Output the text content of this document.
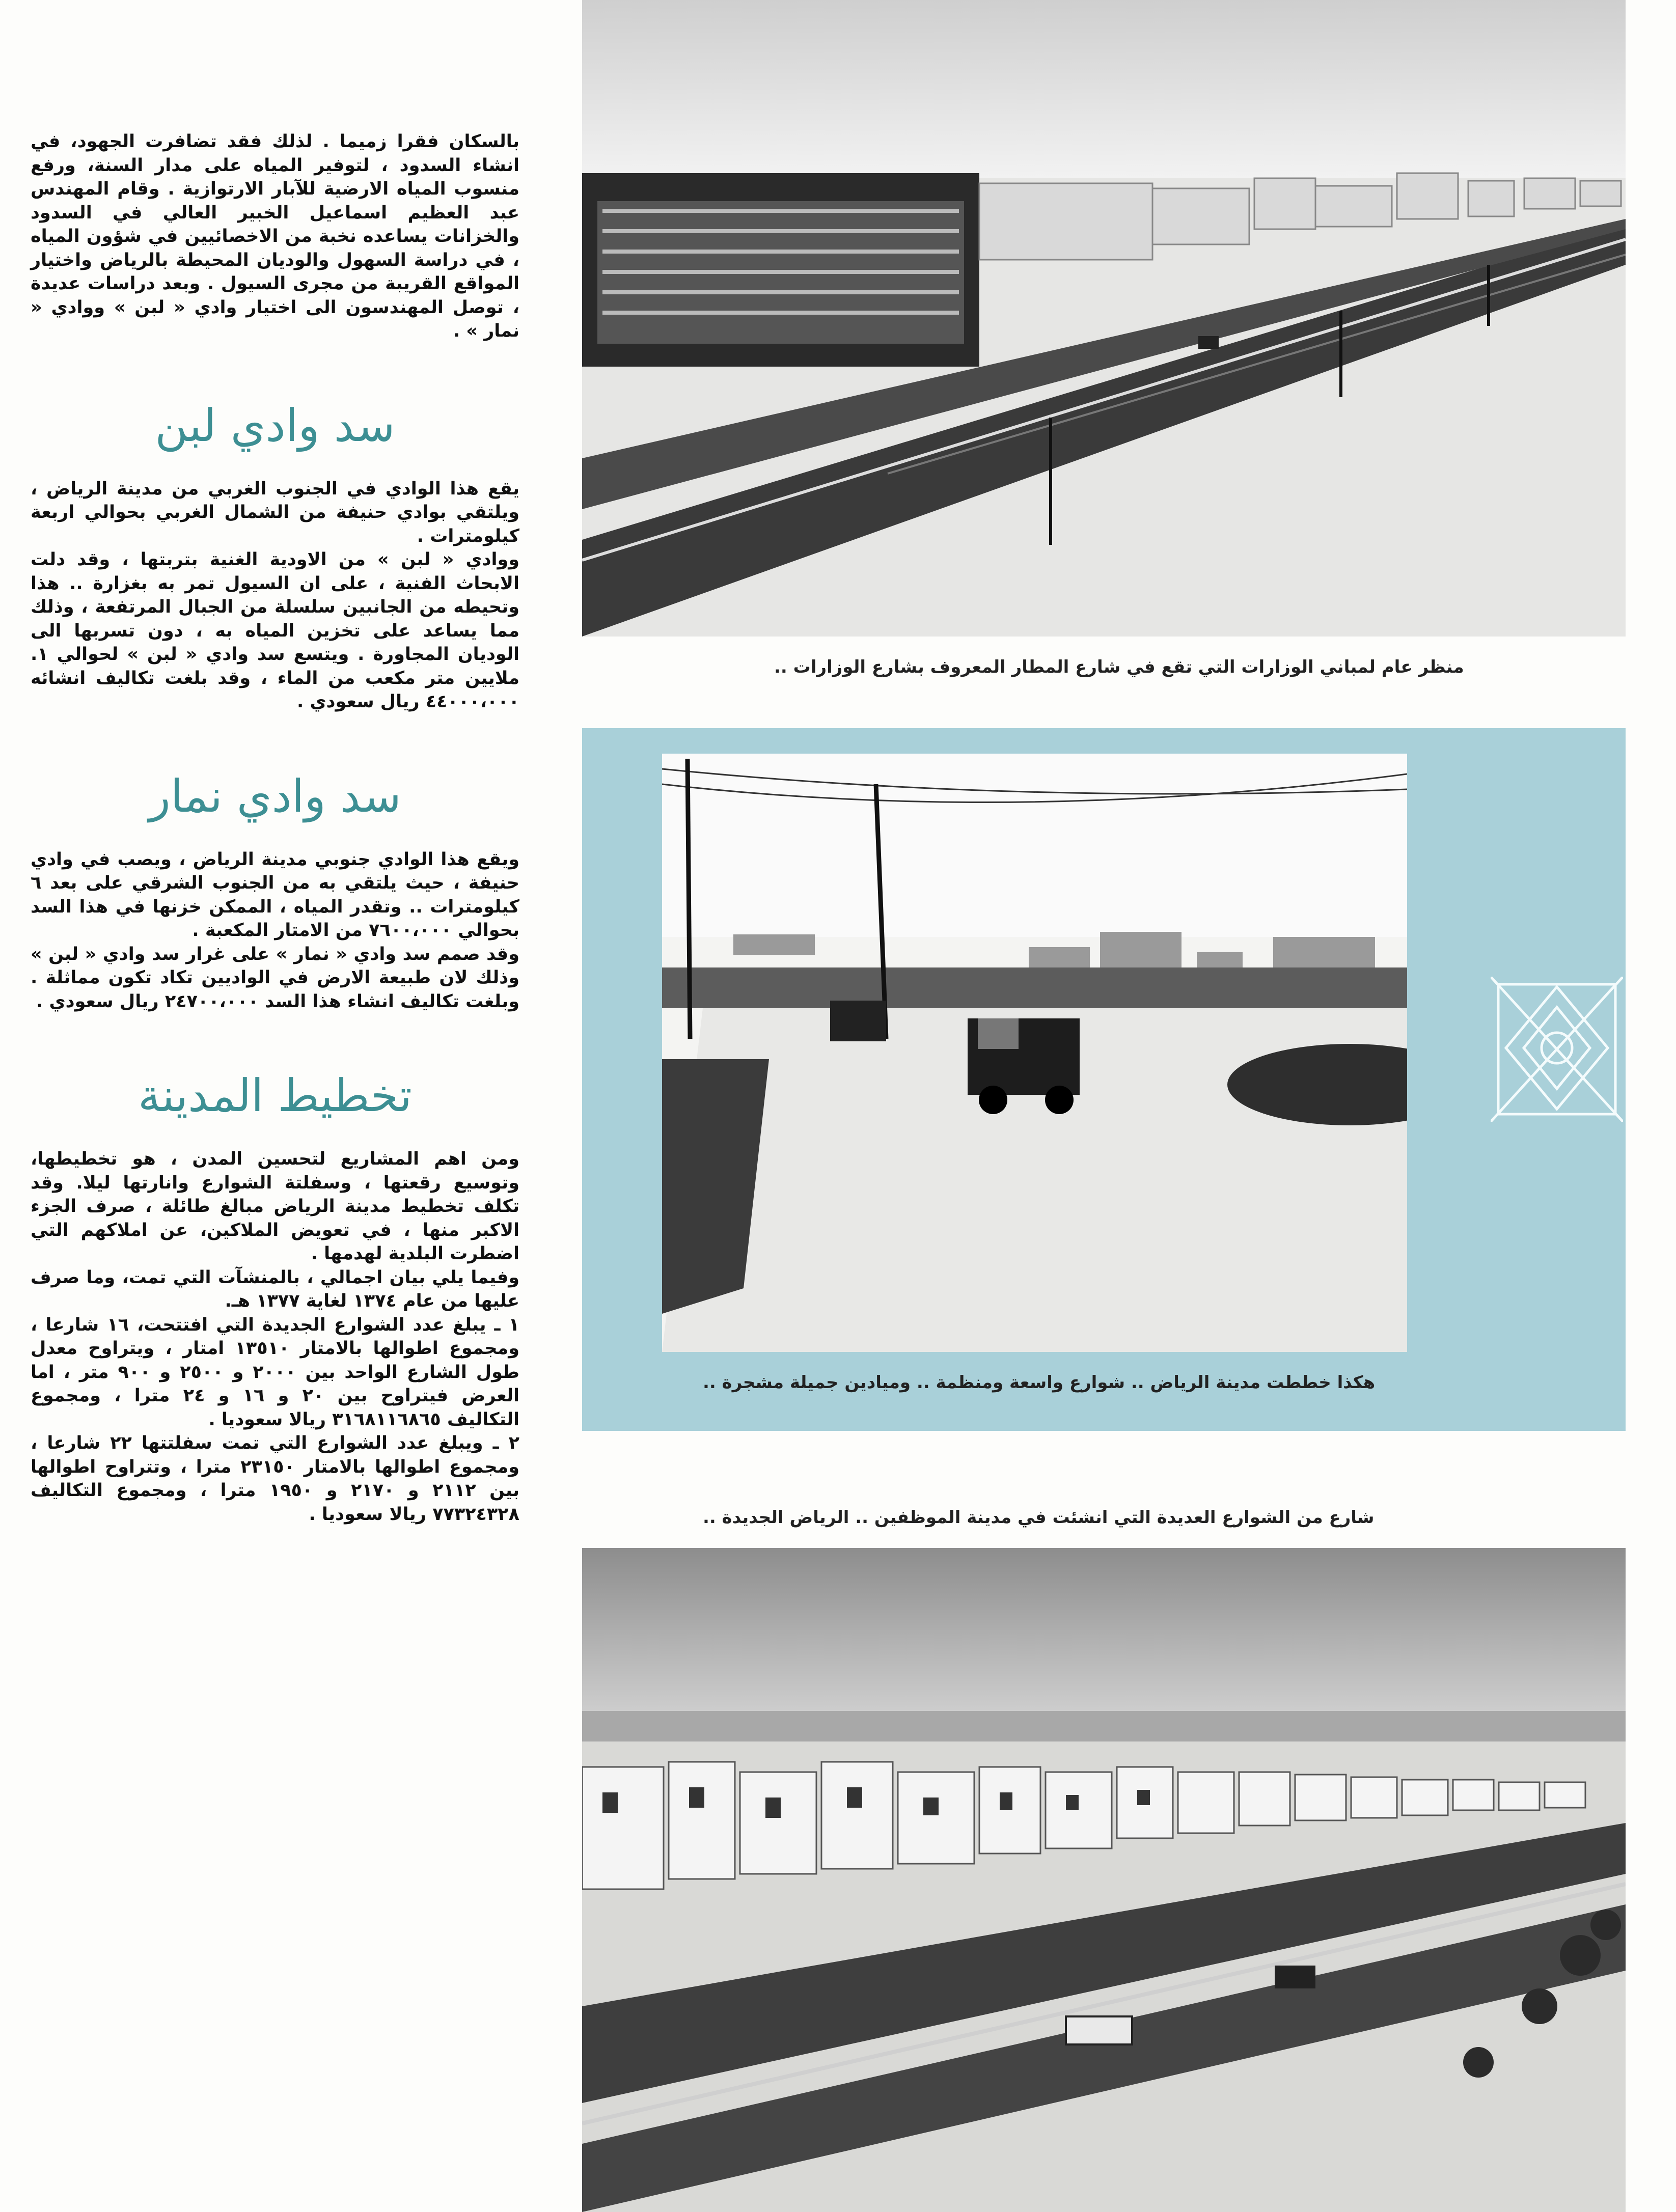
بالسكان فقرا زميما . لذلك فقد تضافرت الجهود، في انشاء السدود ، لتوفير المياه على مدار السنة، ورفع منسوب المياه الارضية للآبار الارتوازية . وقام المهندس عبد العظيم اسماعيل الخبير العالي في السدود والخزانات يساعده نخبة من الاخصائيين في شؤون المياه ، في دراسة السهول والوديان المحيطة بالرياض واختيار المواقع القريبة من مجرى السيول . وبعد دراسات عديدة ، توصل المهندسون الى اختيار وادي « لبن » ووادي « نمار » .

سد وادي لبن

يقع هذا الوادي في الجنوب الغربي من مدينة الرياض ، ويلتقي بوادي حنيفة من الشمال الغربي بحوالي اربعة كيلومترات .

ووادي « لبن » من الاودية الغنية بتربتها ، وقد دلت الابحاث الفنية ، على ان السيول تمر به بغزارة .. هذا وتحيطه من الجانبين سلسلة من الجبال المرتفعة ، وذلك مما يساعد على تخزين المياه به ، دون تسربها الى الوديان المجاورة . ويتسع سد وادي « لبن » لحوالي ١. ملايين متر مكعب من الماء ، وقد بلغت تكاليف انشائه ٤٤٠٠٠،٠٠٠ ريال سعودي .

سد وادي نمار

ويقع هذا الوادي جنوبي مدينة الرياض ، ويصب في وادي حنيفة ، حيث يلتقي به من الجنوب الشرقي على بعد ٦ كيلومترات .. وتقدر المياه ، الممكن خزنها في هذا السد بحوالي ٧٦٠٠،٠٠٠ من الامتار المكعبة .

وقد صمم سد وادي « نمار » على غرار سد وادي « لبن » وذلك لان طبيعة الارض في الواديين تكاد تكون مماثلة . وبلغت تكاليف انشاء هذا السد ٢٤٧٠٠،٠٠٠ ريال سعودي .

تخطيط المدينة

ومن اهم المشاريع لتحسين المدن ، هو تخطيطها، وتوسيع رقعتها ، وسفلتة الشوارع وانارتها ليلا. وقد تكلف تخطيط مدينة الرياض مبالغ طائلة ، صرف الجزء الاكبر منها ، في تعويض الملاكين، عن املاكهم التي اضطرت البلدية لهدمها .

وفيما يلي بيان اجمالي ، بالمنشآت التي تمت، وما صرف عليها من عام ١٣٧٤ لغاية ١٣٧٧ هـ.

١ ـ يبلغ عدد الشوارع الجديدة التي افتتحت، ١٦ شارعا ، ومجموع اطوالها بالامتار ١٣٥١٠ امتار ، ويتراوح معدل طول الشارع الواحد بين ٢٠٠٠ و ٢٥٠٠ و ٩٠٠ متر ، اما العرض فيتراوح بين ٢٠ و ١٦ و ٢٤ مترا ، ومجموع التكاليف ٣١٦٨١١٦٨٦٥ ريالا سعوديا .

٢ ـ ويبلغ عدد الشوارع التي تمت سفلتتها ٢٢ شارعا ، ومجموع اطوالها بالامتار ٢٣١٥٠ مترا ، وتتراوح اطوالها بين ٢١١٢ و ٢١٧٠ و ١٩٥٠ مترا ، ومجموع التكاليف ٧٧٣٢٤٣٢٨ ريالا سعوديا .

منظر عام لمباني الوزارات التي تقع في شارع المطار المعروف بشارع الوزارات ..
هكذا خططت مدينة الرياض .. شوارع واسعة ومنظمة .. وميادين جميلة مشجرة ..
شارع من الشوارع العديدة التي انشئت في مدينة الموظفين .. الرياض الجديدة ..
